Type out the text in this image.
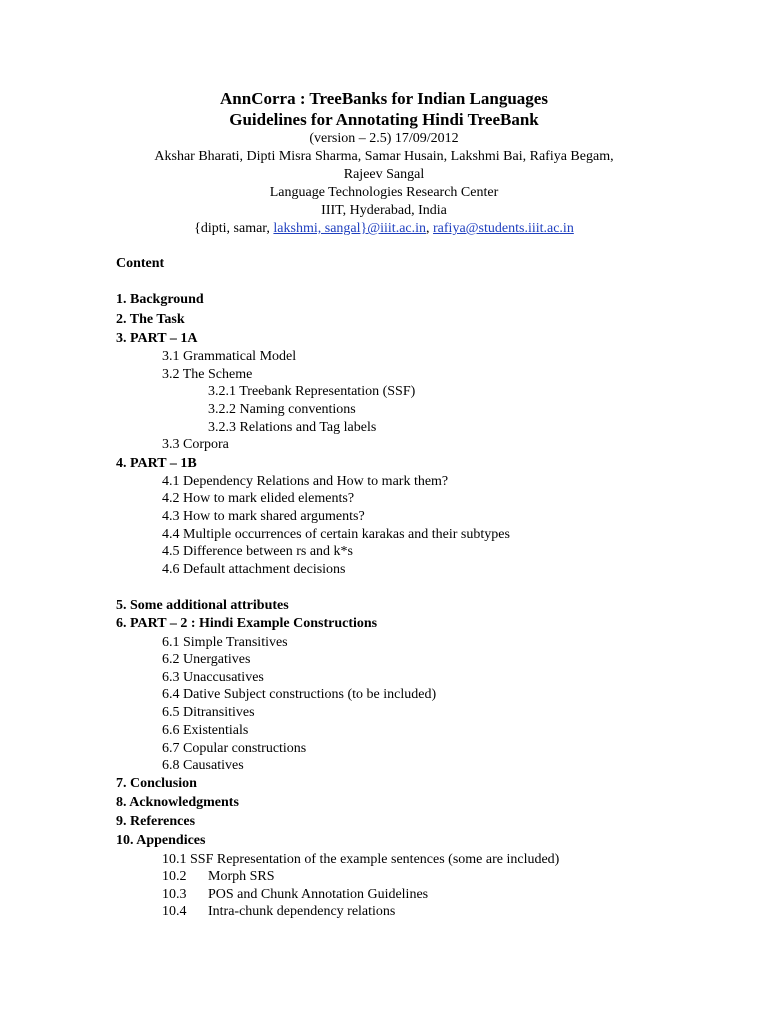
AnnCorra : TreeBanks for Indian Languages
Guidelines for Annotating Hindi TreeBank
(version – 2.5) 17/09/2012
Akshar Bharati, Dipti Misra Sharma, Samar Husain, Lakshmi Bai, Rafiya Begam,
Rajeev Sangal
Language Technologies Research Center
IIIT, Hyderabad, India
{dipti, samar, lakshmi, sangal}@iiit.ac.in, rafiya@students.iiit.ac.in
Content
1. Background
2. The Task
3. PART – 1A
3.1 Grammatical Model
3.2 The Scheme
3.2.1 Treebank Representation (SSF)
3.2.2 Naming conventions
3.2.3 Relations and Tag labels
3.3 Corpora
4. PART – 1B
4.1 Dependency Relations and How to mark them?
4.2 How to mark elided elements?
4.3 How to mark shared arguments?
4.4 Multiple occurrences of certain karakas and their subtypes
4.5 Difference between rs and k*s
4.6 Default attachment decisions
5. Some additional attributes
6. PART – 2 : Hindi Example Constructions
6.1 Simple Transitives
6.2 Unergatives
6.3 Unaccusatives
6.4 Dative Subject constructions (to be included)
6.5 Ditransitives
6.6 Existentials
6.7 Copular constructions
6.8 Causatives
7. Conclusion
8. Acknowledgments
9. References
10. Appendices
10.1 SSF Representation of the example sentences (some are included)
10.2 Morph SRS
10.3 POS and Chunk Annotation Guidelines
10.4 Intra-chunk dependency relations
